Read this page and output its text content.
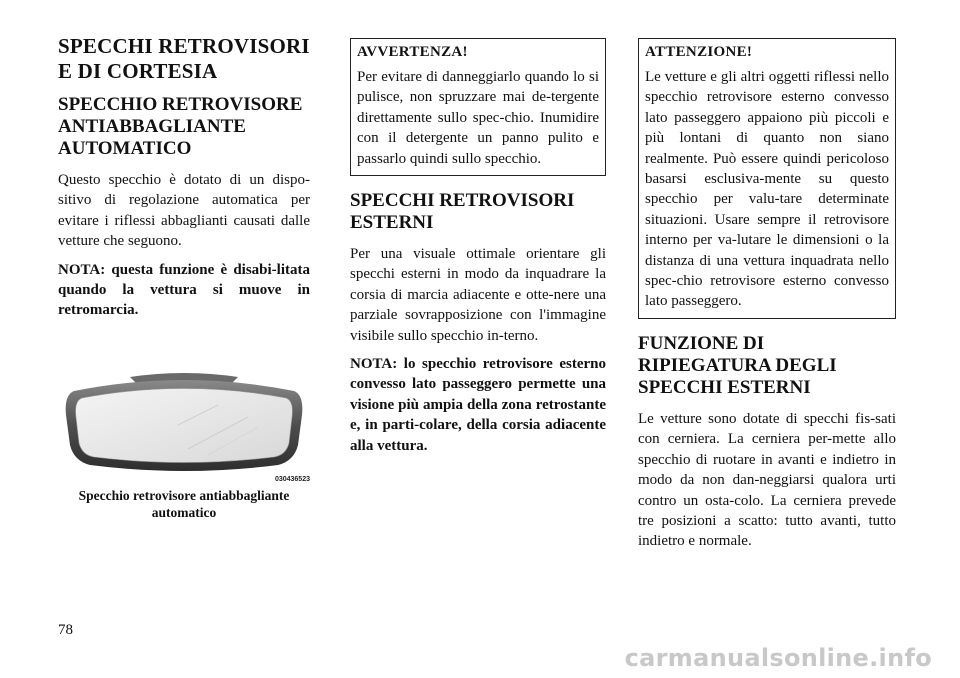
SPECCHI RETROVISORI E DI CORTESIA
SPECCHIO RETROVISORE ANTIABBAGLIANTE AUTOMATICO

Questo specchio è dotato di un dispo-sitivo di regolazione automatica per evitare i riflessi abbaglianti causati dalle vetture che seguono.

NOTA: questa funzione è disabi-litata quando la vettura si muove in retromarcia.

030436523
Specchio retrovisore antiabbagliante automatico
AVVERTENZA!

Per evitare di danneggiarlo quando lo si pulisce, non spruzzare mai de-tergente direttamente sullo spec-chio. Inumidire con il detergente un panno pulito e passarlo quindi sullo specchio.

SPECCHI RETROVISORI ESTERNI

Per una visuale ottimale orientare gli specchi esterni in modo da inquadrare la corsia di marcia adiacente e otte-nere una parziale sovrapposizione con l'immagine visibile sullo specchio in-terno.

NOTA: lo specchio retrovisore esterno convesso lato passeggero permette una visione più ampia della zona retrostante e, in parti-colare, della corsia adiacente alla vettura.

ATTENZIONE!

Le vetture e gli altri oggetti riflessi nello specchio retrovisore esterno convesso lato passeggero appaiono più piccoli e più lontani di quanto non siano realmente. Può essere quindi pericoloso basarsi esclusiva-mente su questo specchio per valu-tare determinate situazioni. Usare sempre il retrovisore interno per va-lutare le dimensioni o la distanza di una vettura inquadrata nello spec-chio retrovisore esterno convesso lato passeggero.

FUNZIONE DI RIPIEGATURA DEGLI SPECCHI ESTERNI

Le vetture sono dotate di specchi fis-sati con cerniera. La cerniera per-mette allo specchio di ruotare in avanti e indietro in modo da non dan-neggiarsi qualora urti contro un osta-colo. La cerniera prevede tre posizioni a scatto: tutto avanti, tutto indietro e normale.

78
carmanualsonline.info
